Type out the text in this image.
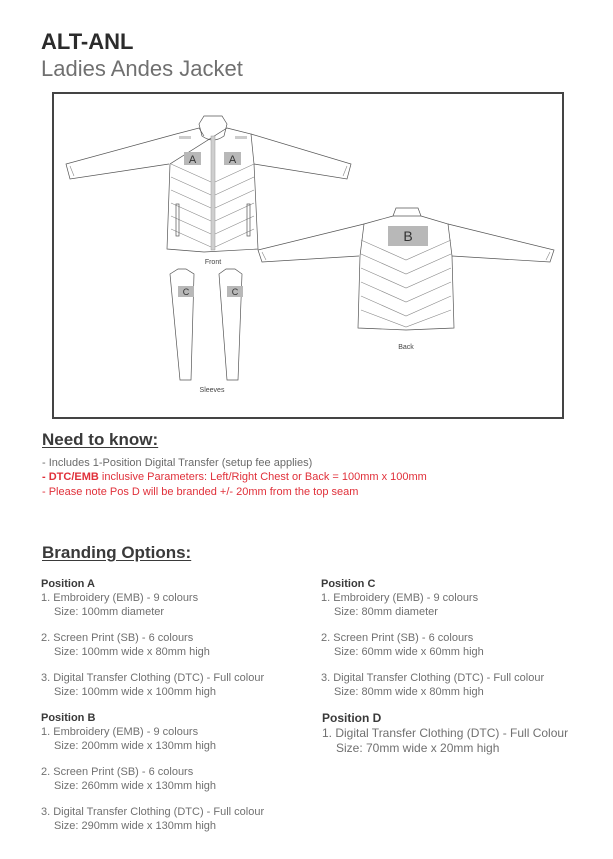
ALT-ANL
Ladies Andes Jacket
A	A
Front
C	C
Sleeves
B
Back
Need to know:
- Includes 1-Position Digital Transfer (setup fee applies)
- DTC/EMB inclusive Parameters: Left/Right Chest or Back = 100mm x 100mm
- Please note Pos D will be branded +/- 20mm from the top seam
Branding Options:
Position A
1. Embroidery (EMB) - 9 colours
Size: 100mm diameter
2. Screen Print (SB) - 6 colours
Size: 100mm wide x 80mm high
3. Digital Transfer Clothing (DTC) - Full colour
Size: 100mm wide x 100mm high
Position B
1. Embroidery (EMB) - 9 colours
Size: 200mm wide x 130mm high
2. Screen Print (SB) - 6 colours
Size: 260mm wide x 130mm high
3. Digital Transfer Clothing (DTC) - Full colour
Size: 290mm wide x 130mm high
Position C
1. Embroidery (EMB) - 9 colours
Size: 80mm diameter
2. Screen Print (SB) - 6 colours
Size: 60mm wide x 60mm high
3. Digital Transfer Clothing (DTC) - Full colour
Size: 80mm wide x 80mm high
Position D
1. Digital Transfer Clothing (DTC) - Full Colour
Size: 70mm wide x 20mm high
